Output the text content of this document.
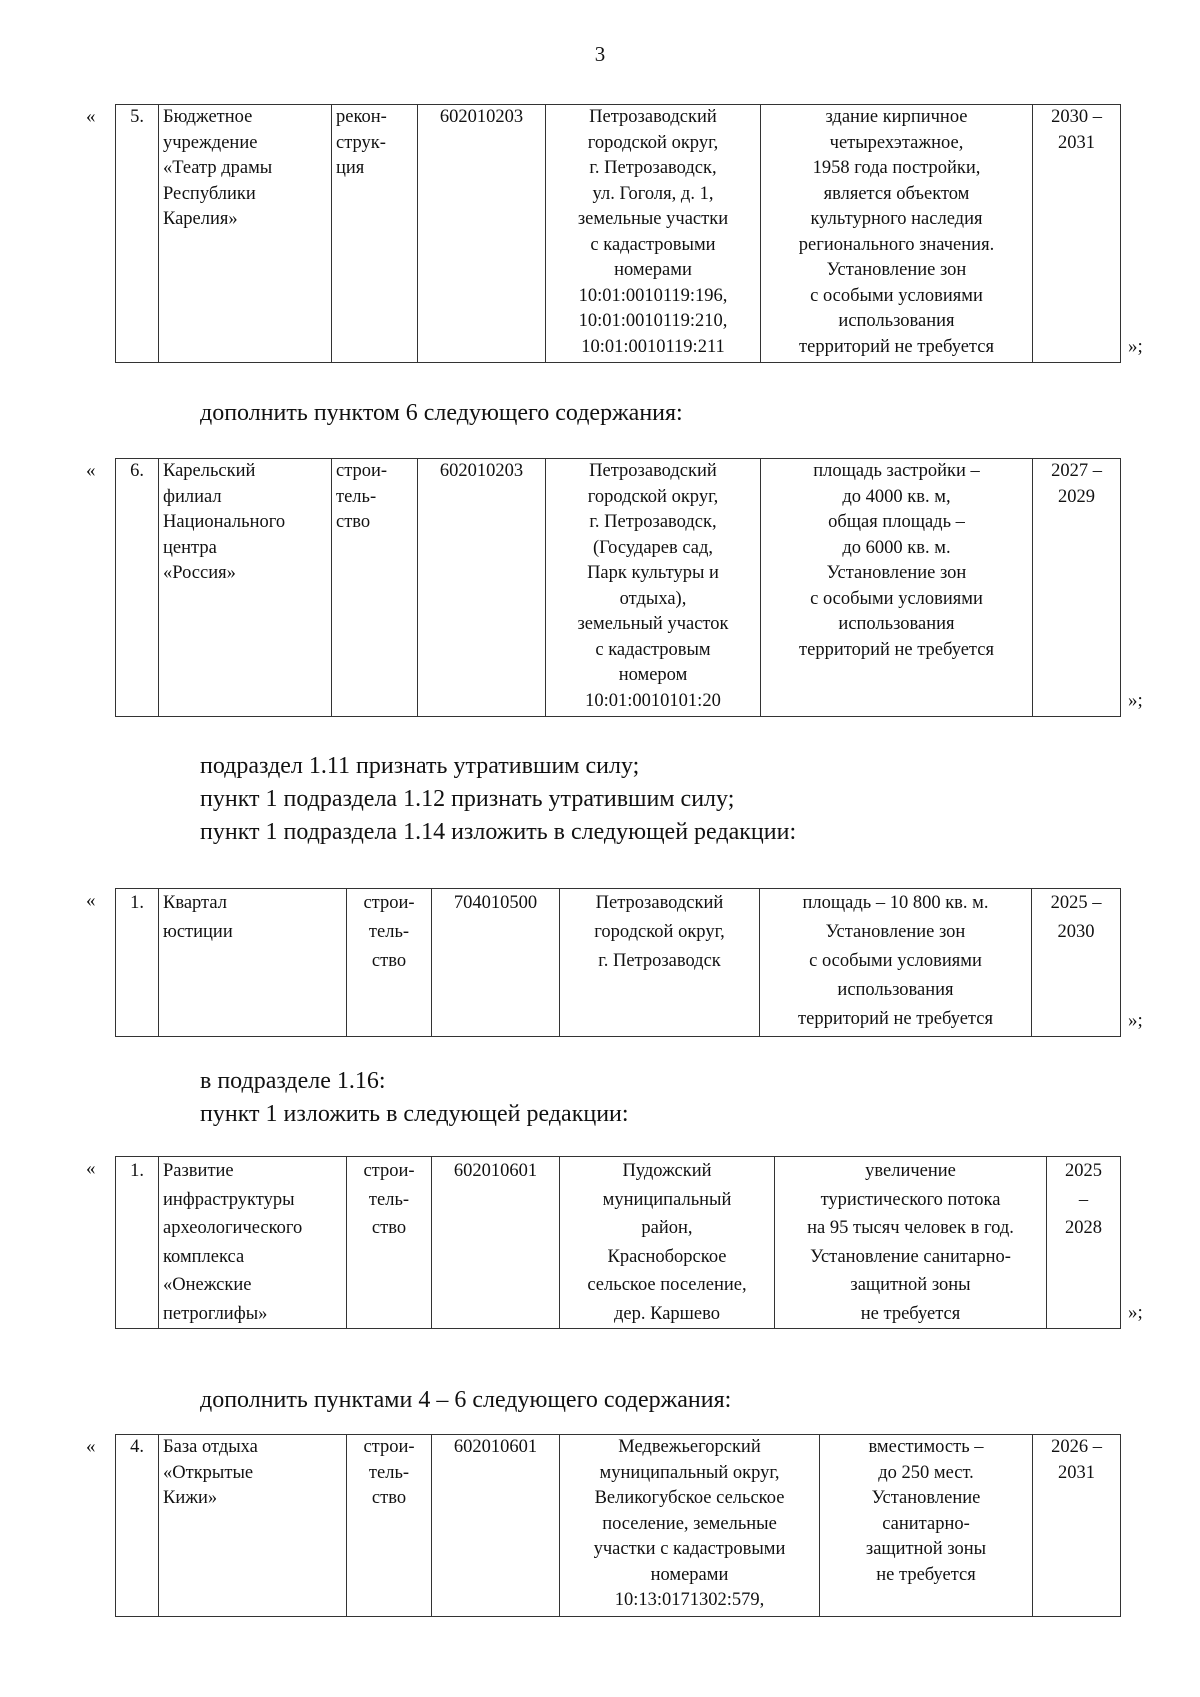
3
« 5.	Бюджетное
учреждение
«Театр драмы
Республики
Карелия»	рекон-
струк-
ция	602010203	Петрозаводский
городской округ,
г. Петрозаводск,
ул. Гоголя, д. 1,
земельные участки
с кадастровыми
номерами
10:01:0010119:196,
10:01:0010119:210,
10:01:0010119:211	здание кирпичное
четырехэтажное,
1958 года постройки,
является объектом
культурного наследия
регионального значения.
Установление зон
с особыми условиями
использования
территорий не требуется	2030 –
2031
»;
дополнить пунктом 6 следующего содержания:
« 6.	Карельский
филиал
Национального
центра
«Россия»	строи-
тель-
ство	602010203	Петрозаводский
городской округ,
г. Петрозаводск,
(Государев сад,
Парк культуры и
отдыха),
земельный участок
с кадастровым
номером
10:01:0010101:20	площадь застройки –
до 4000 кв. м,
общая площадь –
до 6000 кв. м.
Установление зон
с особыми условиями
использования
территорий не требуется	2027 –
2029
»;
подраздел 1.11 признать утратившим силу;
пункт 1 подраздела 1.12 признать утратившим силу;
пункт 1 подраздела 1.14 изложить в следующей редакции:
« 1.	Квартал
юстиции	строи-
тель-
ство	704010500	Петрозаводский
городской округ,
г. Петрозаводск	площадь – 10 800 кв. м.
Установление зон
с особыми условиями
использования
территорий не требуется	2025 –
2030
»;
в подразделе 1.16:
пункт 1 изложить в следующей редакции:
« 1.	Развитие
инфраструктуры
археологического
комплекса
«Онежские
петроглифы»	строи-
тель-
ство	602010601	Пудожский
муниципальный
район,
Красноборское
сельское поселение,
дер. Каршево	увеличение
туристического потока
на 95 тысяч человек в год.
Установление санитарно-
защитной зоны
не требуется	2025
–
2028
»;
дополнить пунктами 4 – 6 следующего содержания:
« 4.	База отдыха
«Открытые
Кижи»	строи-
тель-
ство	602010601	Медвежьегорский
муниципальный округ,
Великогубское сельское
поселение, земельные
участки с кадастровыми
номерами
10:13:0171302:579,	вместимость –
до 250 мест.
Установление
санитарно-
защитной зоны
не требуется	2026 –
2031
